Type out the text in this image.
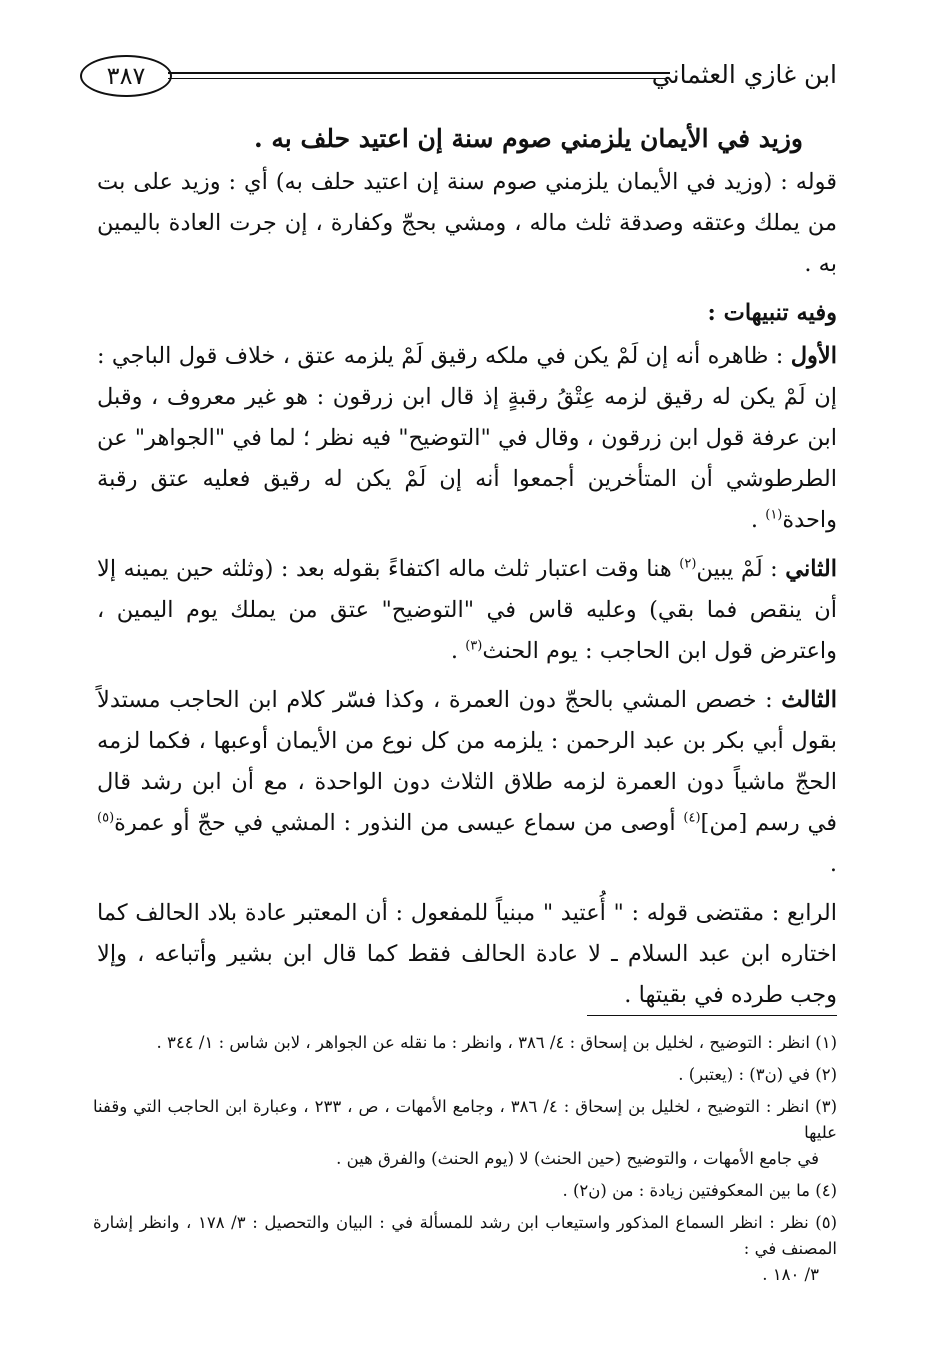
ابن غازي العثماني
٣٨٧

وزيد في الأيمان يلزمني صوم سنة إن اعتيد حلف به .

قوله : (وزيد في الأيمان يلزمني صوم سنة إن اعتيد حلف به) أي : وزيد على بت من يملك وعتقه وصدقة ثلث ماله ، ومشي بحجّ وكفارة ، إن جرت العادة باليمين به .

وفيه تنبيهات :

الأول : ظاهره أنه إن لَمْ يكن في ملكه رقيق لَمْ يلزمه عتق ، خلاف قول الباجي : إن لَمْ يكن له رقيق لزمه عِتْقُ رقبةٍ إذ قال ابن زرقون : هو غير معروف ، وقبل ابن عرفة قول ابن زرقون ، وقال في "التوضيح" فيه نظر ؛ لما في "الجواهر" عن الطرطوشي أن المتأخرين أجمعوا أنه إن لَمْ يكن له رقيق فعليه عتق رقبة واحدة$^{(١)}$ .

الثاني : لَمْ يبين$^{(٢)}$ هنا وقت اعتبار ثلث ماله اكتفاءً بقوله بعد : (وثلثه حين يمينه إلا أن ينقص فما بقي) وعليه قاس في "التوضيح" عتق من يملك يوم اليمين ، واعترض قول ابن الحاجب : يوم الحنث$^{(٣)}$ .

الثالث : خصص المشي بالحجّ دون العمرة ، وكذا فسّر كلام ابن الحاجب مستدلاً بقول أبي بكر بن عبد الرحمن : يلزمه من كل نوع من الأيمان أوعبها ، فكما لزمه الحجّ ماشياً دون العمرة لزمه طلاق الثلاث دون الواحدة ، مع أن ابن رشد قال في رسم [من]$^{(٤)}$ أوصى من سماع عيسى من النذور : المشي في حجّ أو عمرة$^{(٥)}$ .

الرابع : مقتضى قوله : " أُعتيد " مبنياً للمفعول : أن المعتبر عادة بلاد الحالف كما اختاره ابن عبد السلام ـ لا عادة الحالف فقط كما قال ابن بشير وأتباعه ، وإلا وجب طرده في بقيتها .

(١) انظر : التوضيح ، لخليل بن إسحاق : ٤/ ٣٨٦ ، وانظر : ما نقله عن الجواهر ، لابن شاس : ١/ ٣٤٤ .

(٢) في (ن٣) : (يعتبر) .

(٣) انظر : التوضيح ، لخليل بن إسحاق : ٤/ ٣٨٦ ، وجامع الأمهات ، ص ، ٢٣٣ ، وعبارة ابن الحاجب التي وقفنا عليها
في جامع الأمهات ، والتوضيح (حين الحنث) لا (يوم الحنث) والفرق هين .

(٤) ما بين المعكوفتين زيادة : من (ن٢) .

(٥) نظر : انظر السماع المذكور واستيعاب ابن رشد للمسألة في : البيان والتحصيل : ٣/ ١٧٨ ، وانظر إشارة المصنف في :
٣/ ١٨٠ .
